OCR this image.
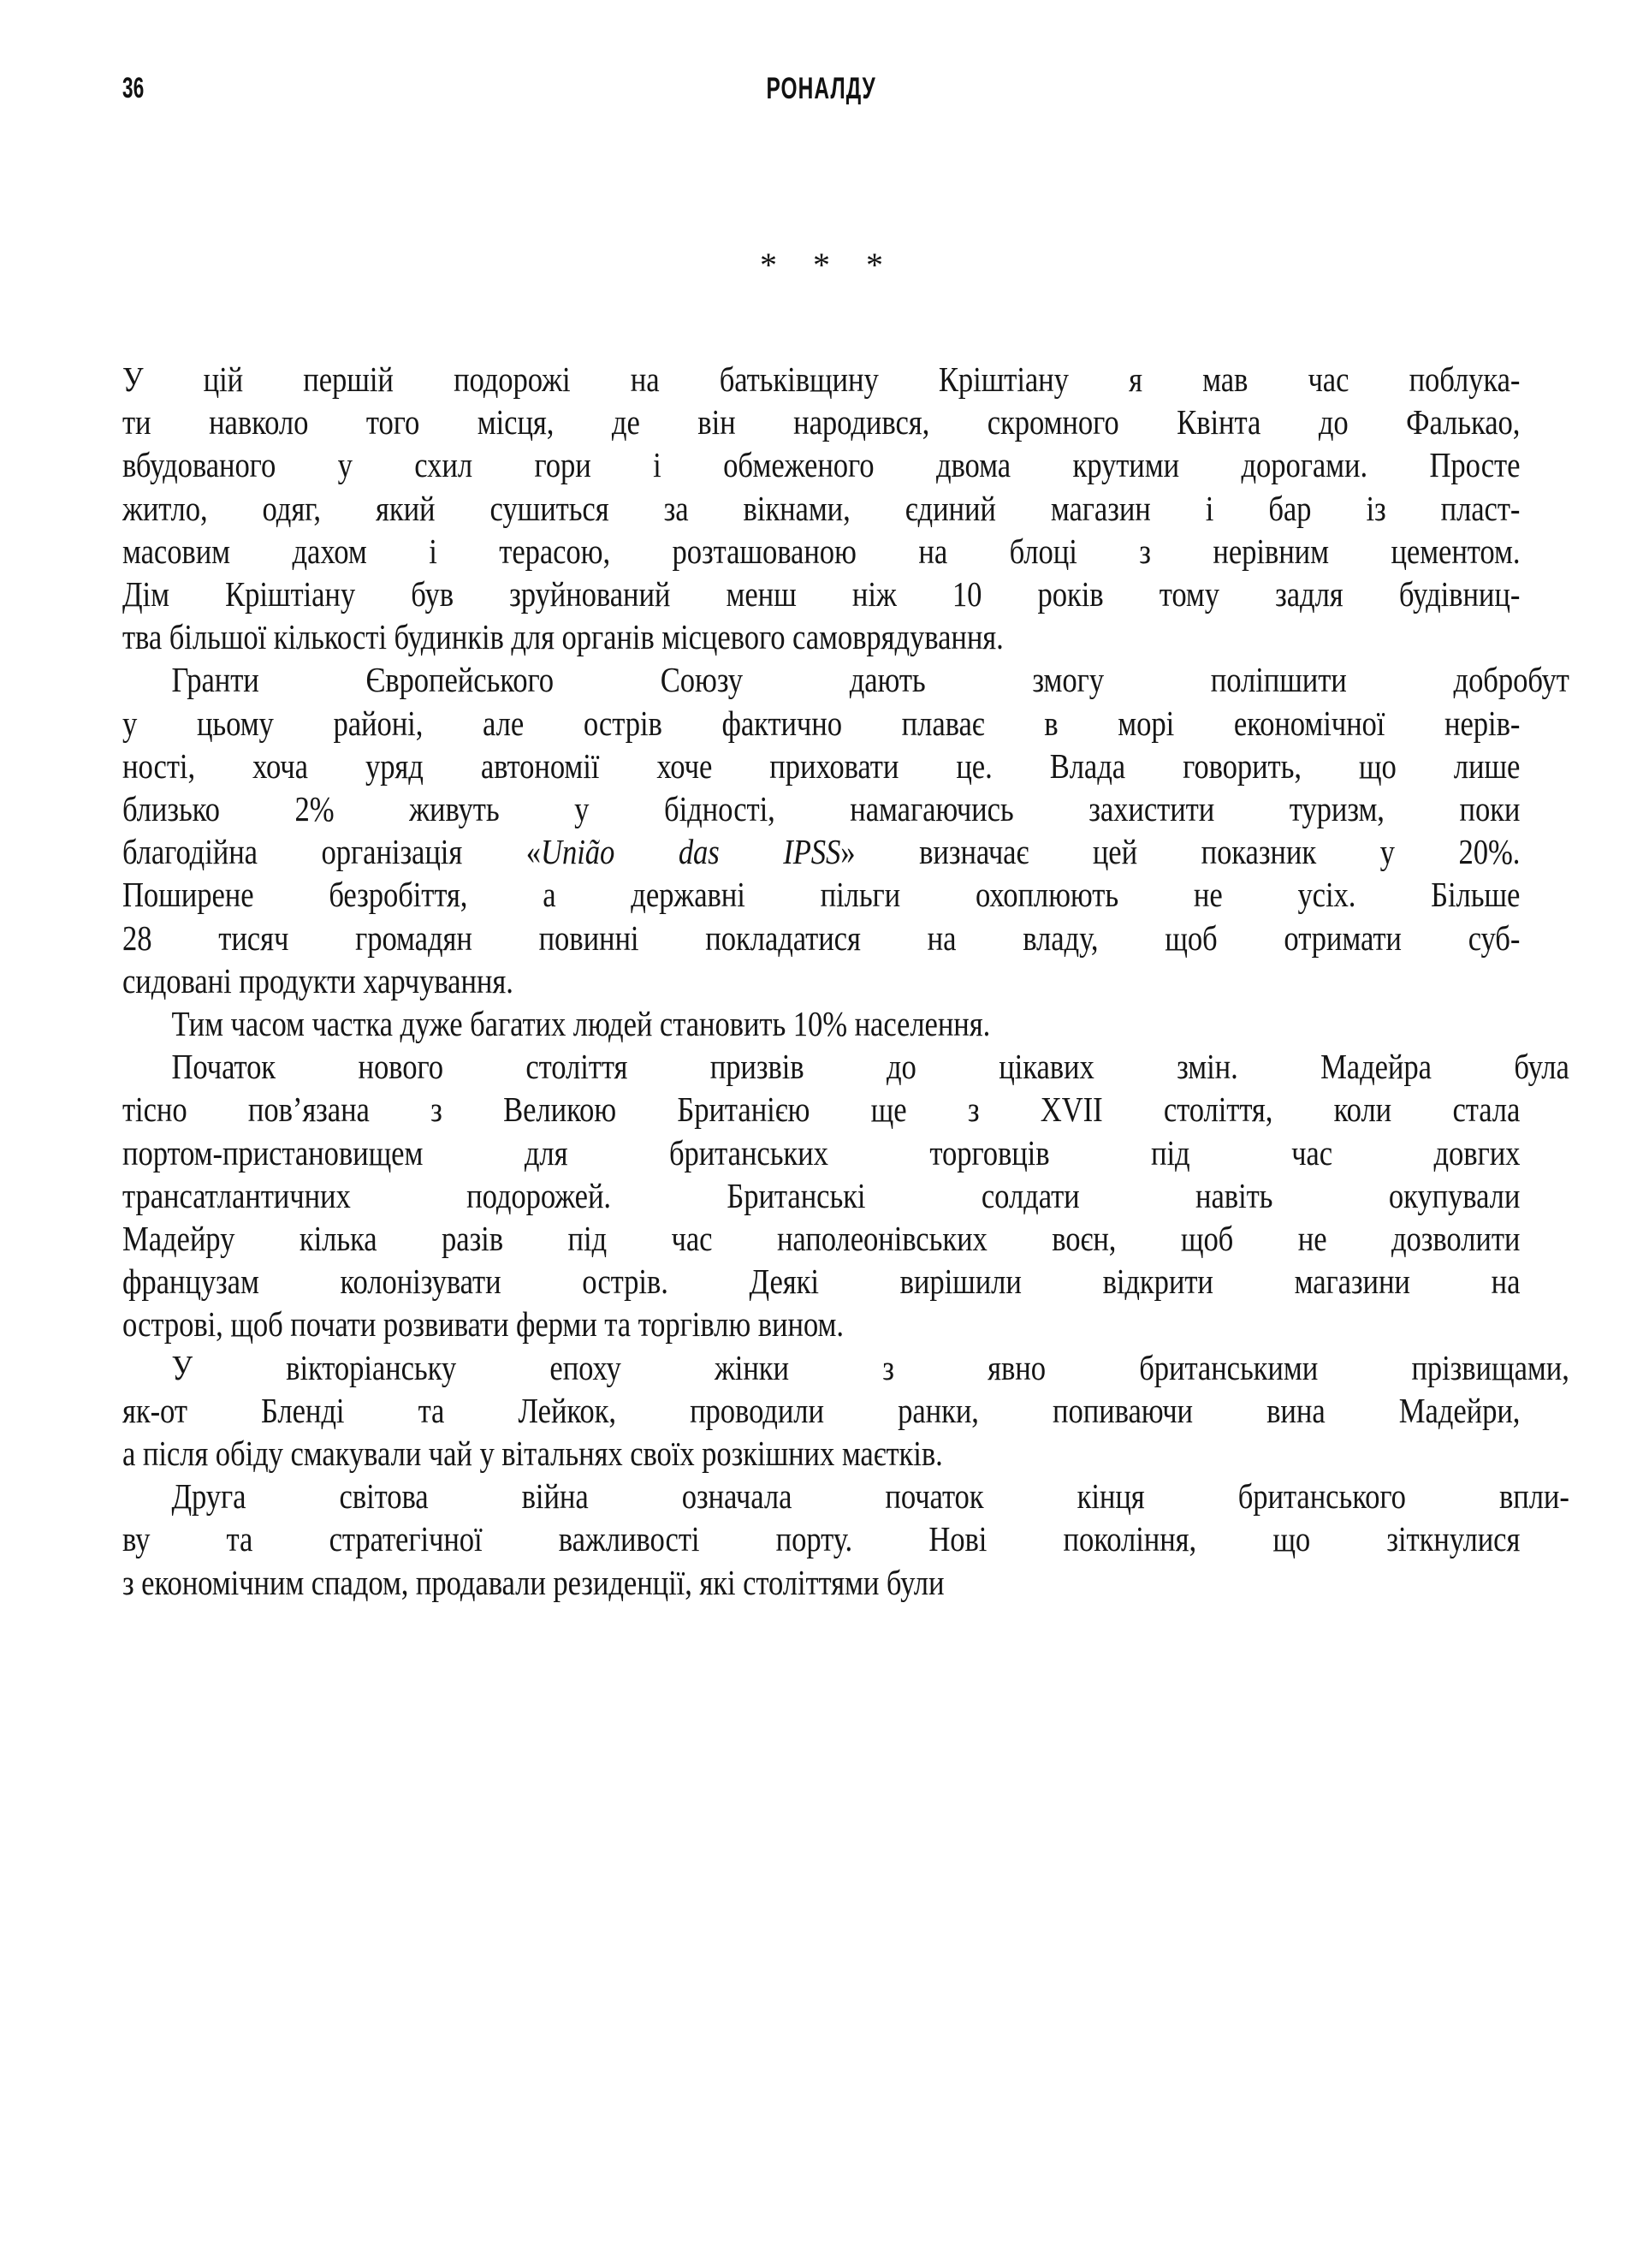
36	РОНАЛДУ
* * *
У цій першій подорожі на батьківщину Кріштіану я мав час поблука-
ти навколо того місця, де він народився, скромного Квінта до Фалькао,
вбудованого у схил гори і обмеженого двома крутими дорогами. Просте
житло, одяг, який сушиться за вікнами, єдиний магазин і бар із пласт-
масовим дахом і терасою, розташованою на блоці з нерівним цементом.
Дім Кріштіану був зруйнований менш ніж 10 років тому задля будівниц-
тва більшої кількості будинків для органів місцевого самоврядування.
Гранти	Європейського	Союзу	дають	змогу	поліпшити	добробут
у цьому районі, але острів фактично плаває в морі економічної нерів-
ності, хоча уряд автономії хоче приховати це. Влада говорить, що лише
близько 2% живуть у бідності, намагаючись захистити туризм, поки
благодійна організація «União das IPSS» визначає цей показник у 20%.
Поширене безробіття, а державні пільги охоплюють не усіх. Більше
28 тисяч громадян повинні покладатися на владу, щоб отримати суб-
сидовані продукти харчування.
Тим часом частка дуже багатих людей становить 10% населення.
Початок нового століття призвів до цікавих змін. Мадейра була
тісно пов’язана з Великою Британією ще з XVII століття, коли стала
портом-пристановищем	для	британських	торговців	під	час	довгих
трансатлантичних	подорожей.	Британські	солдати	навіть	окупували
Мадейру кілька разів під час наполеонівських воєн, щоб не дозволити
французам колонізувати острів. Деякі вирішили відкрити магазини на
острові, щоб почати розвивати ферми та торгівлю вином.
У	вікторіанську	епоху	жінки	з	явно	британськими	прізвищами,
як-от Бленді та Лейкок, проводили ранки, попиваючи вина Мадейри,
а після обіду смакували чай у вітальнях своїх розкішних маєтків.
Друга	світова	війна	означала	початок	кінця	британського	впли-
ву та стратегічної важливості порту. Нові покоління, що зіткнулися
з економічним спадом, продавали резиденції, які століттями були
